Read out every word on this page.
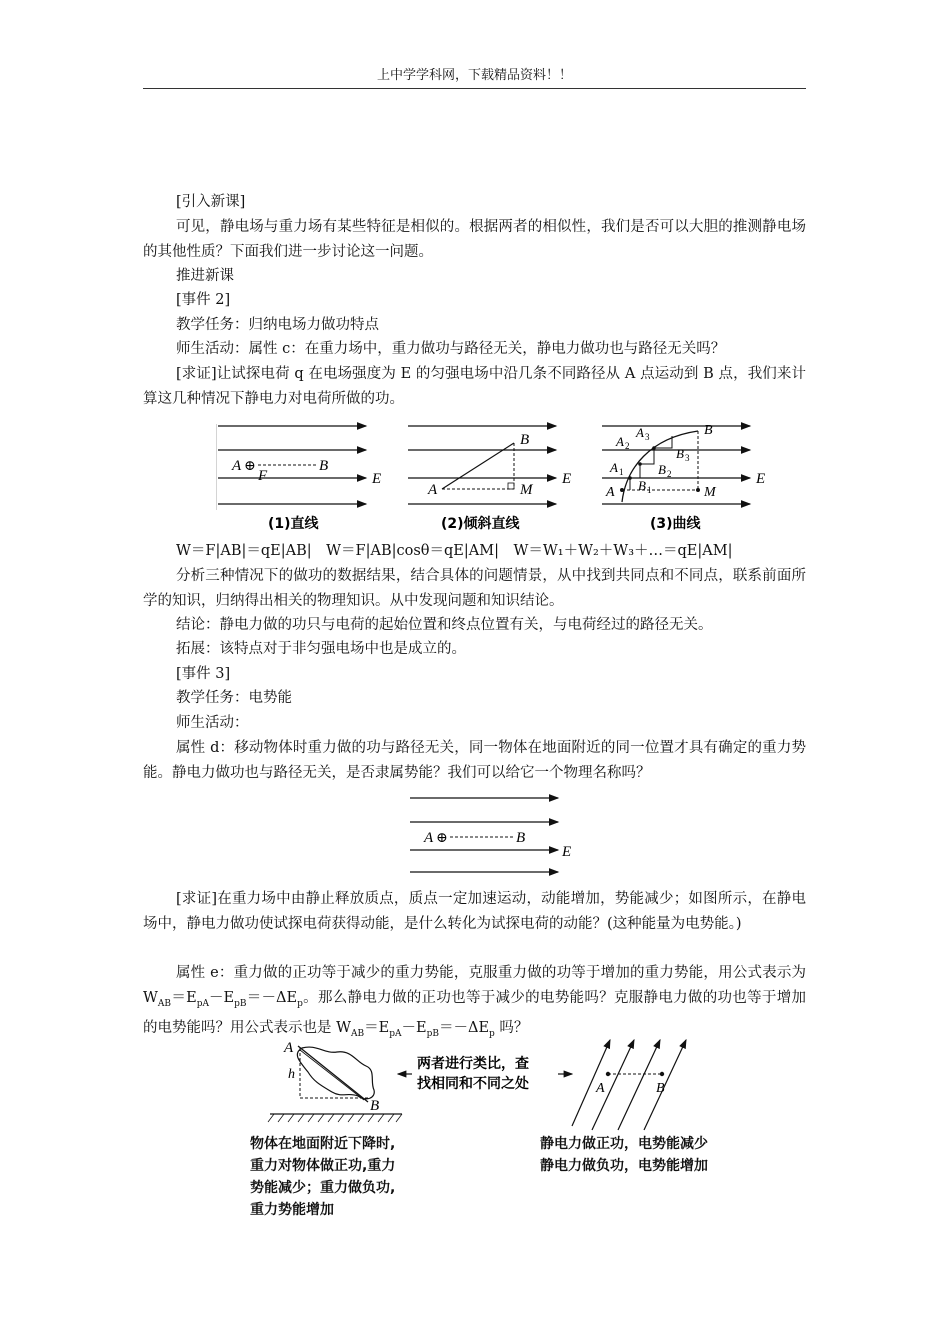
上中学学科网，下载精品资料！！

[引入新课]

可见，静电场与重力场有某些特征是相似的。根据两者的相似性，我们是否可以大胆的推测静电场的其他性质？下面我们进一步讨论这一问题。

推进新课

[事件 2]

教学任务：归纳电场力做功特点

师生活动：属性 c：在重力场中，重力做功与路径无关，静电力做功也与路径无关吗？

[求证]让试探电荷 q 在电场强度为 E 的匀强电场中沿几条不同路径从 A 点运动到 B 点，我们来计算这几种情况下静电力对电荷所做的功。

A ⊕	B
E
F
(1)直线
A
B
M
E
(2)倾斜直线
A
B
M
E
A 1
A 2
A 3
B 1
B 2
B 3
(3)曲线

W＝F|AB|＝qE|AB|　W＝F|AB|cosθ＝qE|AM|　W＝W₁＋W₂＋W₃＋…＝qE|AM|

分析三种情况下的做功的数据结果，结合具体的问题情景，从中找到共同点和不同点，联系前面所学的知识，归纳得出相关的物理知识。从中发现问题和知识结论。

结论：静电力做的功只与电荷的起始位置和终点位置有关，与电荷经过的路径无关。

拓展：该特点对于非匀强电场中也是成立的。

[事件 3]

教学任务：电势能

师生活动：

属性 d：移动物体时重力做的功与路径无关，同一物体在地面附近的同一位置才具有确定的重力势能。静电力做功也与路径无关，是否隶属势能？我们可以给它一个物理名称吗？

A ⊕	B
E

[求证]在重力场中由静止释放质点，质点一定加速运动，动能增加，势能减少；如图所示，在静电场中，静电力做功使试探电荷获得动能，是什么转化为试探电荷的动能？(这种能量为电势能。)

属性 e：重力做的正功等于减少的重力势能，克服重力做的功等于增加的重力势能，用公式表示为 $W_{AB}=E_{pA}-E_{pB}=-\Delta E_p$。那么静电力做的正功也等于减少的电势能吗？克服静电力做的功也等于增加的电势能吗？用公式表示也是 $W_{AB}=E_{pA}-E_{pB}=-\Delta E_p$ 吗？

A
h
B
两者进行类比，查
找相同和不同之处	A	B
物体在地面附近下降时,
重力对物体做正功,重力
势能减少；重力做负功,
重力势能增加
静电力做正功，电势能减少
静电力做负功，电势能增加
